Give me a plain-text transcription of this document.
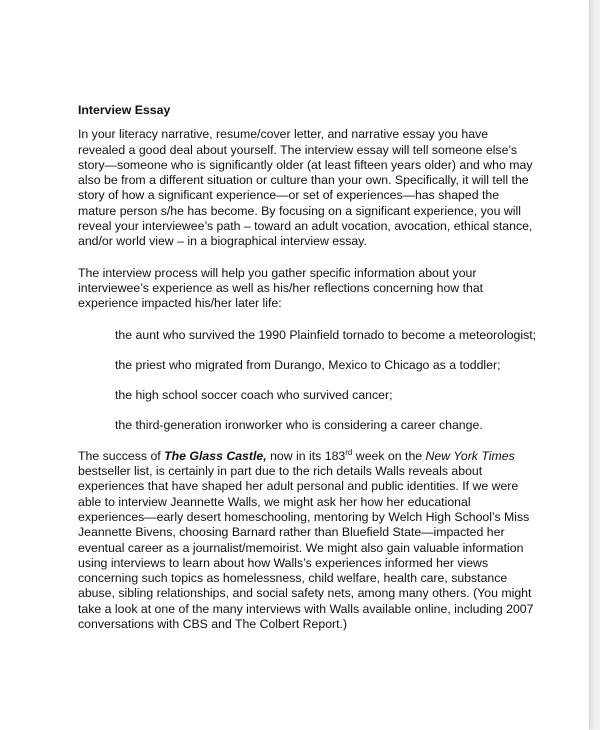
Interview Essay

In your literacy narrative, resume/cover letter, and narrative essay you have revealed a good deal about yourself. The interview essay will tell someone else’s story—someone who is significantly older (at least fifteen years older) and who may also be from a different situation or culture than your own. Specifically, it will tell the story of how a significant experience—or set of experiences—has shaped the mature person s/he has become. By focusing on a significant experience, you will reveal your interviewee’s path – toward an adult vocation, avocation, ethical stance, and/or world view – in a biographical interview essay.

The interview process will help you gather specific information about your interviewee’s experience as well as his/her reflections concerning how that experience impacted his/her later life:

the aunt who survived the 1990 Plainfield tornado to become a meteorologist;

the priest who migrated from Durango, Mexico to Chicago as a toddler;

the high school soccer coach who survived cancer;

the third-generation ironworker who is considering a career change.

The success of The Glass Castle, now in its 183rd week on the New York Times bestseller list, is certainly in part due to the rich details Walls reveals about experiences that have shaped her adult personal and public identities. If we were able to interview Jeannette Walls, we might ask her how her educational experiences—early desert homeschooling, mentoring by Welch High School’s Miss Jeannette Bivens, choosing Barnard rather than Bluefield State—impacted her eventual career as a journalist/memoirist. We might also gain valuable information using interviews to learn about how Walls’s experiences informed her views concerning such topics as homelessness, child welfare, health care, substance abuse, sibling relationships, and social safety nets, among many others. (You might take a look at one of the many interviews with Walls available online, including 2007 conversations with CBS and The Colbert Report.)
